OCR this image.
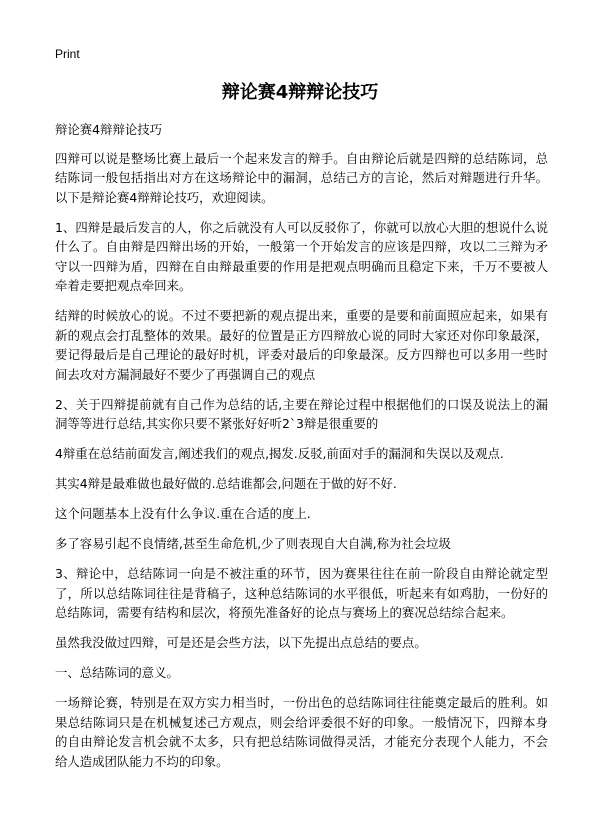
Print
辩论赛4辩辩论技巧

辩论赛4辩辩论技巧

四辩可以说是整场比赛上最后一个起来发言的辩手。自由辩论后就是四辩的总结陈词，总结陈词一般包括指出对方在这场辩论中的漏洞，总结己方的言论，然后对辩题进行升华。以下是辩论赛4辩辩论技巧，欢迎阅读。

1、四辩是最后发言的人，你之后就没有人可以反驳你了，你就可以放心大胆的想说什么说什么了。自由辩是四辩出场的开始，一般第一个开始发言的应该是四辩，攻以二三辩为矛守以一四辩为盾，四辩在自由辩最重要的作用是把观点明确而且稳定下来，千万不要被人牵着走要把观点牵回来。

结辩的时候放心的说。不过不要把新的观点提出来，重要的是要和前面照应起来，如果有新的观点会打乱整体的效果。最好的位置是正方四辩放心说的同时大家还对你印象最深，要记得最后是自己理论的最好时机，评委对最后的印象最深。反方四辩也可以多用一些时间去攻对方漏洞最好不要少了再强调自己的观点

2、关于四辩提前就有自己作为总结的话,主要在辩论过程中根据他们的口误及说法上的漏洞等等进行总结,其实你只要不紧张好好听2`3辩是很重要的

4辩重在总结前面发言,阐述我们的观点,揭发.反驳,前面对手的漏洞和失误以及观点.

其实4辩是最难做也最好做的.总结谁都会,问题在于做的好不好.

这个问题基本上没有什么争议.重在合适的度上.

多了容易引起不良情绪,甚至生命危机,少了则表现自大自满,称为社会垃圾

3、辩论中，总结陈词一向是不被注重的环节，因为赛果往往在前一阶段自由辩论就定型了，所以总结陈词往往是背稿子，这种总结陈词的水平很低，听起来有如鸡肋，一份好的总结陈词，需要有结构和层次，将预先准备好的论点与赛场上的赛况总结综合起来。

虽然我没做过四辩，可是还是会些方法，以下先提出点总结的要点。

一、总结陈词的意义。

一场辩论赛，特别是在双方实力相当时，一份出色的总结陈词往往能奠定最后的胜利。如果总结陈词只是在机械复述己方观点，则会给评委很不好的印象。一般情况下，四辩本身的自由辩论发言机会就不太多，只有把总结陈词做得灵活，才能充分表现个人能力，不会给人造成团队能力不均的印象。
